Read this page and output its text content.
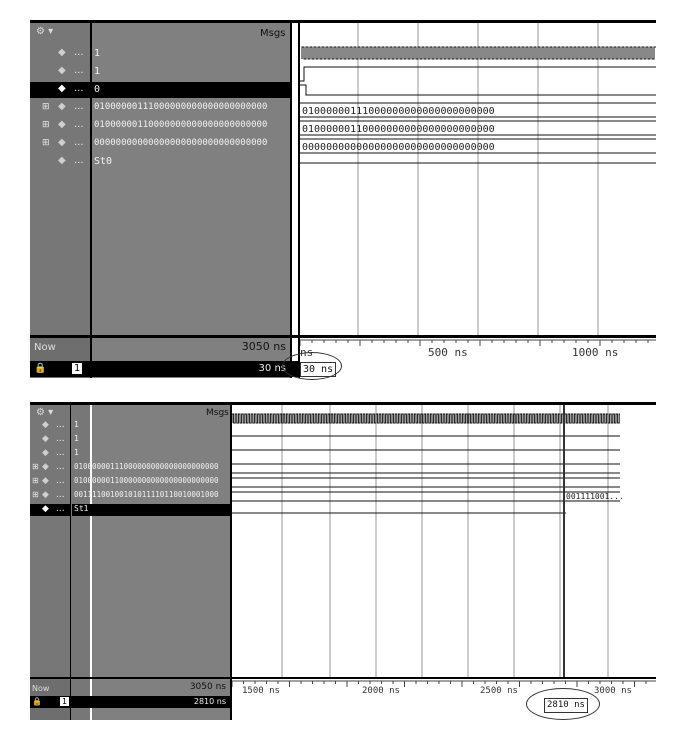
⚙ ▾	Msgs
◆ ... 1
◆ ... 1
◆ ... 0
⊞ ◆ ... 01000000111000000000000000000000
⊞ ◆ ... 01000000110000000000000000000000
⊞ ◆ ... 00000000000000000000000000000000
◆ ... St0
01000000111000000000000000000000
01000000110000000000000000000000
00000000000000000000000000000000
Now	3050 ns
🔒	1	30 ns
ns	500 ns	1000 ns
30 ns
⚙ ▾	Msgs
◆ ... 1
◆ ... 1
◆ ... 1
⊞ ◆ ... 01000000111000000000000000000000
⊞ ◆ ... 01000000110000000000000000000000
⊞ ◆ ... 00111100100101011110110010001000
◆ ... St1
001111001...
Now	3050 ns
🔒	1	2810 ns
1500 ns	2000 ns	2500 ns	3000 ns
2810 ns
